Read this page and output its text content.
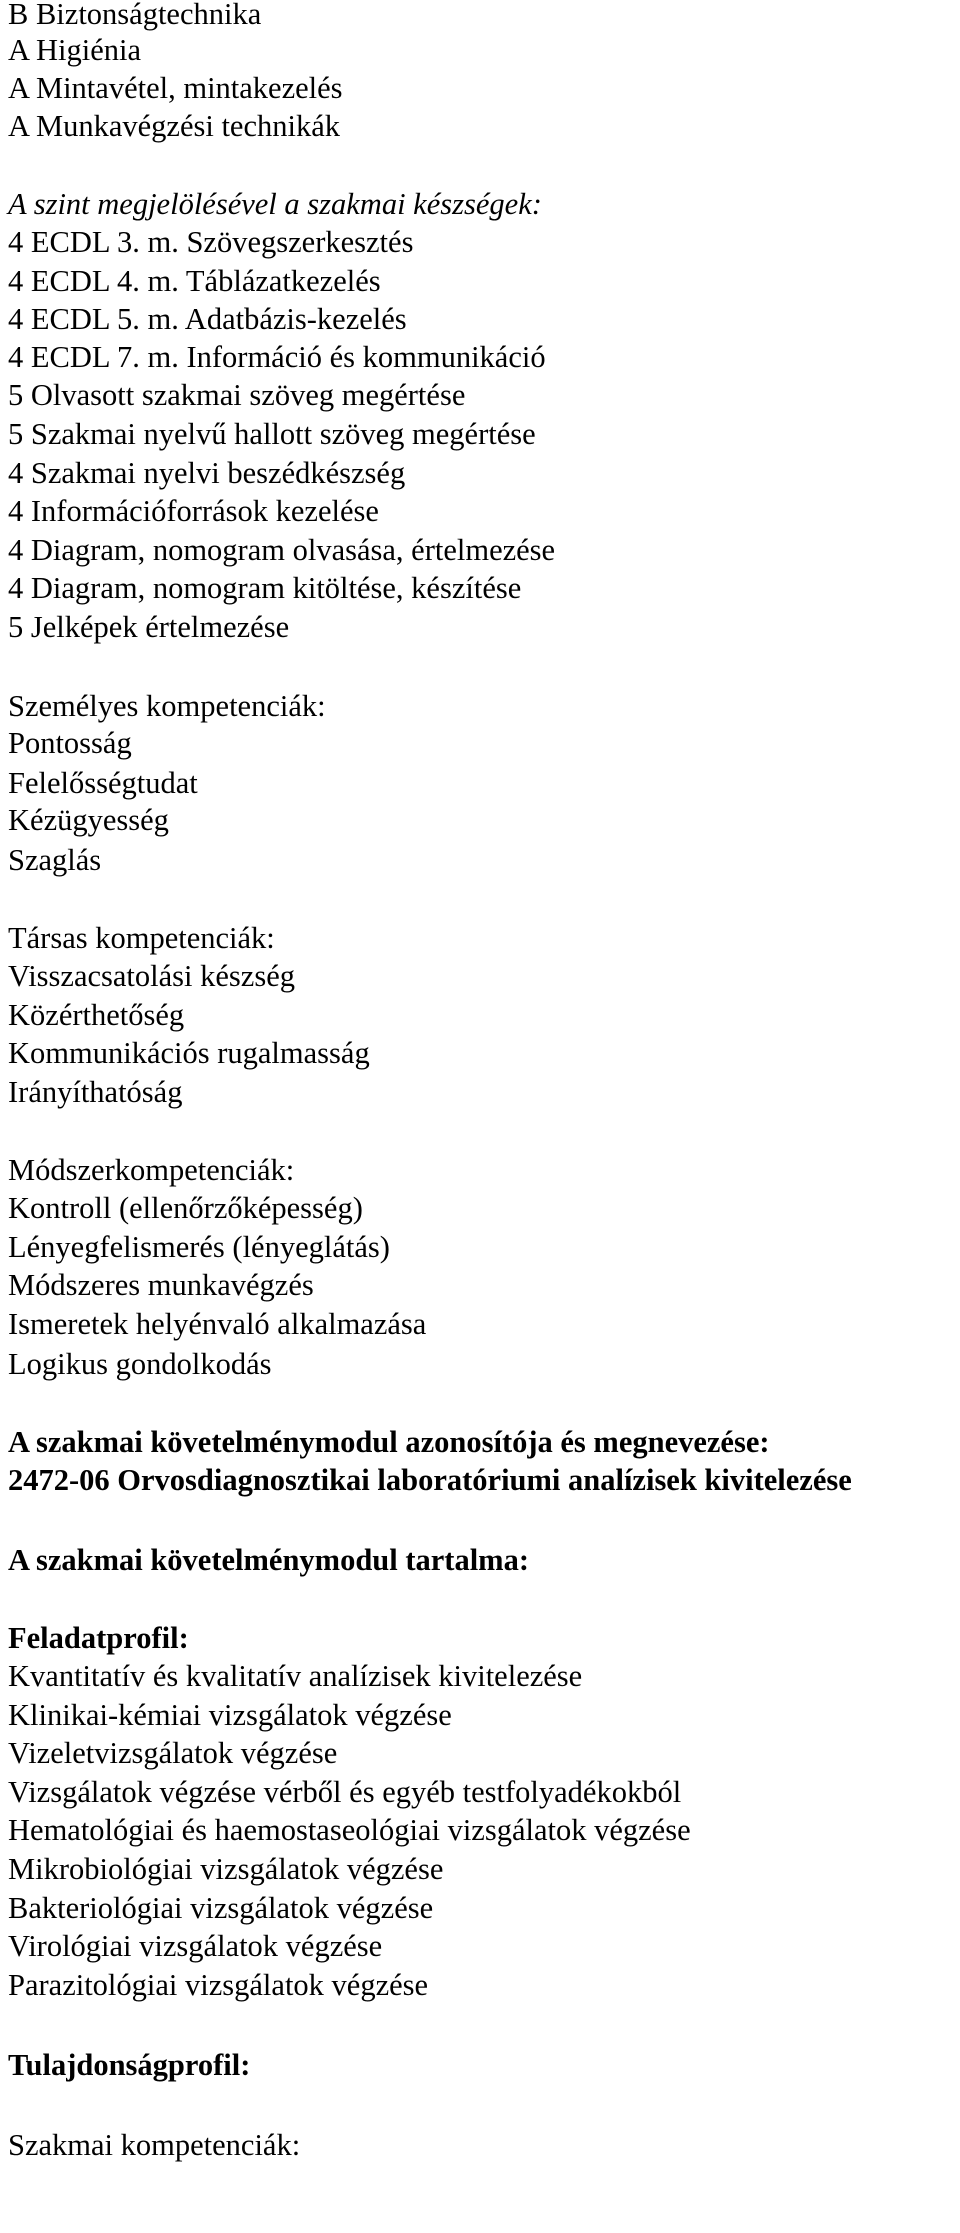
B Biztonságtechnika
A Higiénia
A Mintavétel, mintakezelés
A Munkavégzési technikák
A szint megjelölésével a szakmai készségek:
4 ECDL 3. m. Szövegszerkesztés
4 ECDL 4. m. Táblázatkezelés
4 ECDL 5. m. Adatbázis-kezelés
4 ECDL 7. m. Információ és kommunikáció
5 Olvasott szakmai szöveg megértése
5 Szakmai nyelvű hallott szöveg megértése
4 Szakmai nyelvi beszédkészség
4 Információforrások kezelése
4 Diagram, nomogram olvasása, értelmezése
4 Diagram, nomogram kitöltése, készítése
5 Jelképek értelmezése
Személyes kompetenciák:
Pontosság
Felelősségtudat
Kézügyesség
Szaglás
Társas kompetenciák:
Visszacsatolási készség
Közérthetőség
Kommunikációs rugalmasság
Irányíthatóság
Módszerkompetenciák:
Kontroll (ellenőrzőképesség)
Lényegfelismerés (lényeglátás)
Módszeres munkavégzés
Ismeretek helyénvaló alkalmazása
Logikus gondolkodás
A szakmai követelménymodul azonosítója és megnevezése:
2472-06 Orvosdiagnosztikai laboratóriumi analízisek kivitelezése
A szakmai követelménymodul tartalma:
Feladatprofil:
Kvantitatív és kvalitatív analízisek kivitelezése
Klinikai-kémiai vizsgálatok végzése
Vizeletvizsgálatok végzése
Vizsgálatok végzése vérből és egyéb testfolyadékokból
Hematológiai és haemostaseológiai vizsgálatok végzése
Mikrobiológiai vizsgálatok végzése
Bakteriológiai vizsgálatok végzése
Virológiai vizsgálatok végzése
Parazitológiai vizsgálatok végzése
Tulajdonságprofil:
Szakmai kompetenciák:
